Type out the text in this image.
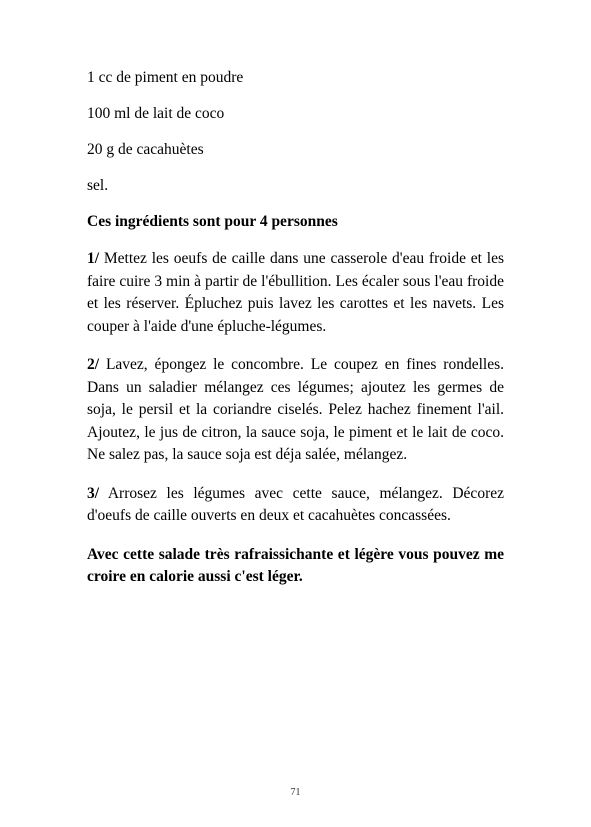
1 cc de piment en poudre

100 ml de lait de coco

20 g de cacahuètes

sel.

Ces ingrédients sont pour 4 personnes

1/ Mettez les oeufs de caille dans une casserole d'eau froide et les faire cuire 3 min à partir de l'ébullition. Les écaler sous l'eau froide et les réserver. Épluchez puis lavez les carottes et les navets. Les couper à l'aide d'une épluche-légumes.

2/ Lavez, épongez le concombre. Le coupez en fines rondelles. Dans un saladier mélangez ces légumes; ajoutez les germes de soja, le persil et la coriandre ciselés. Pelez hachez finement l'ail. Ajoutez, le jus de citron, la sauce soja, le piment et le lait de coco. Ne salez pas, la sauce soja est déja salée, mélangez.

3/ Arrosez les légumes avec cette sauce, mélangez. Décorez d'oeufs de caille ouverts en deux et cacahuètes concassées.

Avec cette salade très rafraissichante et légère vous pouvez me croire en calorie aussi c'est léger.

71
